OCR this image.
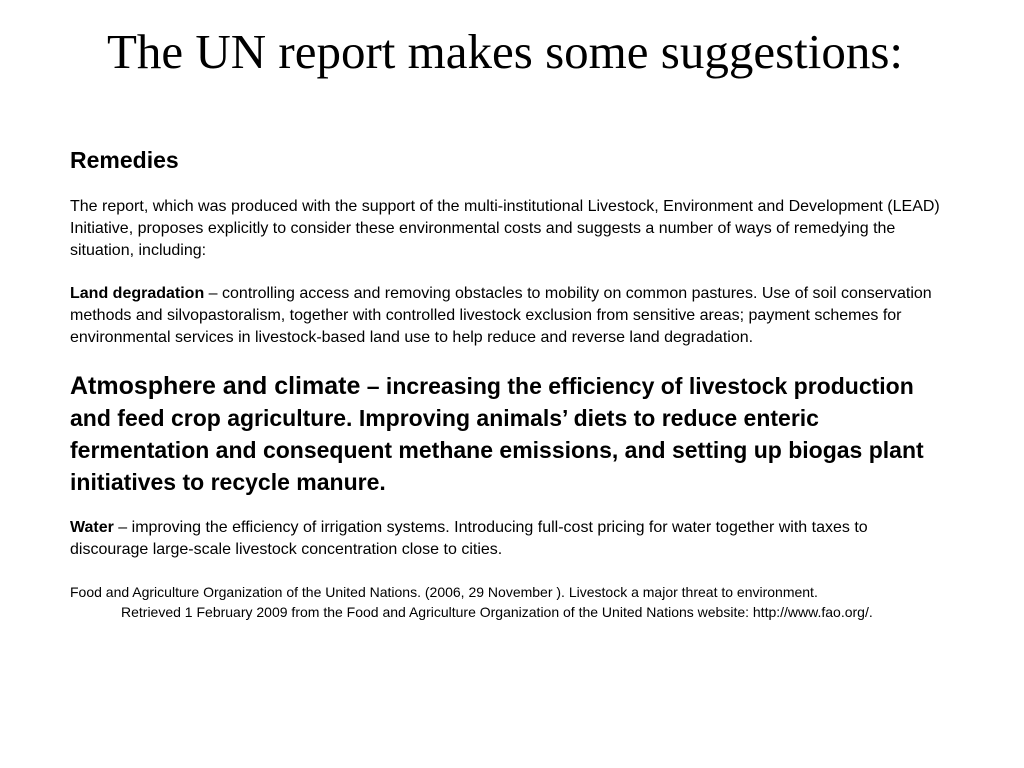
The UN report makes some suggestions:
Remedies

The report, which was produced with the support of the multi-institutional Livestock, Environment and Development (LEAD) Initiative, proposes explicitly to consider these environmental costs and suggests a number of ways of remedying the situation, including:

Land degradation – controlling access and removing obstacles to mobility on common pastures. Use of soil conservation methods and silvopastoralism, together with controlled livestock exclusion from sensitive areas; payment schemes for environmental services in livestock-based land use to help reduce and reverse land degradation.

Atmosphere and climate – increasing the efficiency of livestock production and feed crop agriculture. Improving animals’ diets to reduce enteric fermentation and consequent methane emissions, and setting up biogas plant initiatives to recycle manure.

Water – improving the efficiency of irrigation systems. Introducing full-cost pricing for water together with taxes to discourage large-scale livestock concentration close to cities.

Food and Agriculture Organization of the United Nations. (2006, 29 November ). Livestock a major threat to environment.
Retrieved 1 February 2009 from the Food and Agriculture Organization of the United Nations website: http://www.fao.org/.
